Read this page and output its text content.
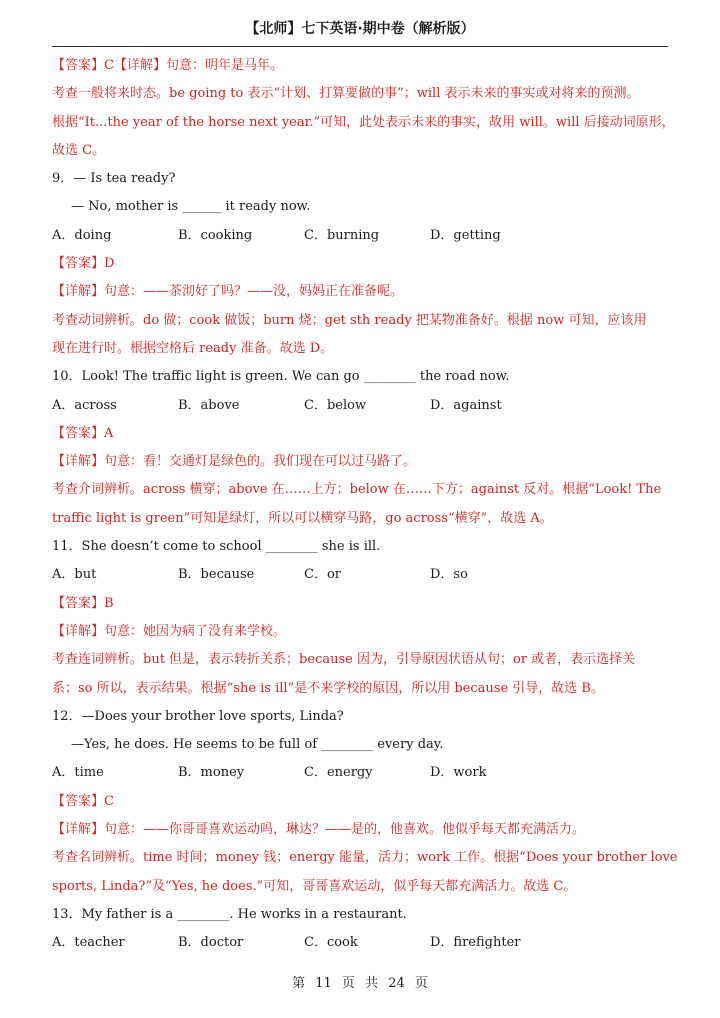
【北师】七下英语·期中卷（解析版）
【答案】C【详解】句意：明年是马年。
考查一般将来时态。be going to 表示“计划、打算要做的事”；will 表示未来的事实或对将来的预测。
根据“It...the year of the horse next year.”可知，此处表示未来的事实，故用 will。will 后接动词原形，
故选 C。
9．— Is tea ready?
— No, mother is ______ it ready now.
A．doing	B．cooking	C．burning	D．getting
【答案】D
【详解】句意：——茶沏好了吗？——没，妈妈正在准备呢。
考查动词辨析。do 做；cook 做饭；burn 烧；get sth ready 把某物准备好。根据 now 可知，应该用
现在进行时。根据空格后 ready 准备。故选 D。
10．Look! The traffic light is green. We can go ________ the road now.
A．across	B．above	C．below	D．against
【答案】A
【详解】句意：看！交通灯是绿色的。我们现在可以过马路了。
考查介词辨析。across 横穿；above 在……上方；below 在……下方；against 反对。根据“Look! The
traffic light is green”可知是绿灯，所以可以横穿马路，go across“横穿”，故选 A。
11．She doesn’t come to school ________ she is ill.
A．but	B．because	C．or	D．so
【答案】B
【详解】句意：她因为病了没有来学校。
考查连词辨析。but 但是，表示转折关系；because 因为，引导原因状语从句；or 或者，表示选择关
系；so 所以，表示结果。根据“she is ill”是不来学校的原因，所以用 because 引导，故选 B。
12．—Does your brother love sports, Linda?
—Yes, he does. He seems to be full of ________ every day.
A．time	B．money	C．energy	D．work
【答案】C
【详解】句意：——你哥哥喜欢运动吗，琳达？——是的，他喜欢。他似乎每天都充满活力。
考查名词辨析。time 时间；money 钱；energy 能量，活力；work 工作。根据“Does your brother love
sports, Linda?”及“Yes, he does.”可知，哥哥喜欢运动，似乎每天都充满活力。故选 C。
13．My father is a ________. He works in a restaurant.
A．teacher	B．doctor	C．cook	D．firefighter
第 11 页 共 24 页
